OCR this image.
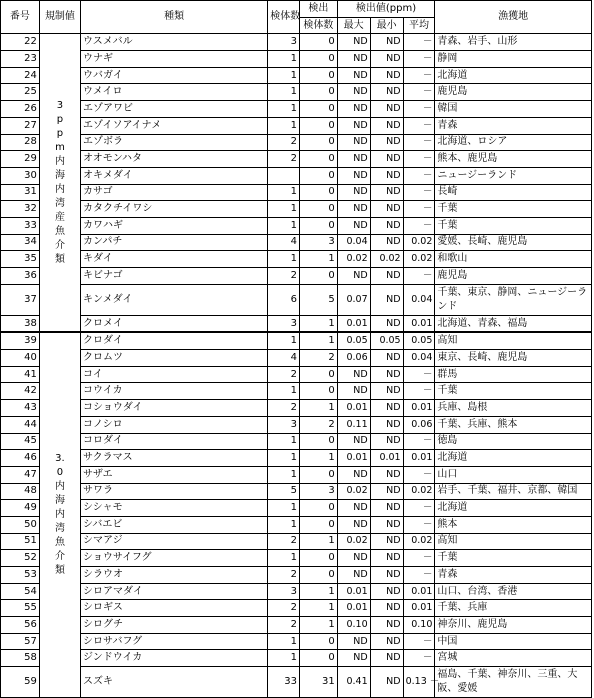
番号	規制値	種類	検体数	検出	検出値(ppm)			漁獲地
				検体数	最大	最小	平均	
22	3ppm内海内湾産魚介類	ウスメバル	3	0	ND	ND	－	青森、岩手、山形
23		ウナギ	1	0	ND	ND	－	静岡
24		ウバガイ	1	0	ND	ND	－	北海道
25		ウメイロ	1	0	ND	ND	－	鹿児島
26		エゾアワビ	1	0	ND	ND	－	韓国
27		エゾイソアイナメ	1	0	ND	ND	－	青森
28		エゾボラ	2	0	ND	ND	－	北海道、ロシア
29		オオモンハタ	2	0	ND	ND	－	熊本、鹿児島
30		オキメダイ		0	ND	ND	－	ニュージーランド
31		カサゴ	1	0	ND	ND	－	長崎
32		カタクチイワシ	1	0	ND	ND	－	千葉
33		カワハギ	1	0	ND	ND	－	千葉
34		カンパチ	4	3	0.04	ND	0.02	愛媛、長崎、鹿児島
35		キダイ	1	1	0.02	0.02	0.02	和歌山
36		キビナゴ	2	0	ND	ND	－	鹿児島
37		キンメダイ	6	5	0.07	ND	0.04	千葉、東京、静岡、ニュージーランド
38		クロメイ	3	1	0.01	ND	0.01	北海道、青森、福島
39	3.0内海内湾魚介類	クロダイ	1	1	0.05	0.05	0.05	高知
40		クロムツ	4	2	0.06	ND	0.04	東京、長崎、鹿児島
41		コイ	2	0	ND	ND	－	群馬
42		コウイカ	1	0	ND	ND	－	千葉
43		コショウダイ	2	1	0.01	ND	0.01	兵庫、島根
44		コノシロ	3	2	0.11	ND	0.06	千葉、兵庫、熊本
45		コロダイ	1	0	ND	ND	－	徳島
46		サクラマス	1	1	0.01	0.01	0.01	北海道
47		サザエ	1	0	ND	ND	－	山口
48		サワラ	5	3	0.02	ND	0.02	岩手、千葉、福井、京都、韓国
49		シシャモ	1	0	ND	ND	－	北海道
50		シバエビ	1	0	ND	ND	－	熊本
51		シマアジ	2	1	0.02	ND	0.02	高知
52		ショウサイフグ	1	0	ND	ND	－	千葉
53		シラウオ	2	0	ND	ND	－	青森
54		シロアマダイ	3	1	0.01	ND	0.01	山口、台湾、香港
55		シロギス	2	1	0.01	ND	0.01	千葉、兵庫
56		シログチ	2	1	0.10	ND	0.10	神奈川、鹿児島
57		シロサバフグ	1	0	ND	ND	－	中国
58		ジンドウイカ	1	0	ND	ND	－	宮城
59		スズキ	33	31	0.41	ND	0.13 －	福島、千葉、神奈川、三重、大阪、愛媛
